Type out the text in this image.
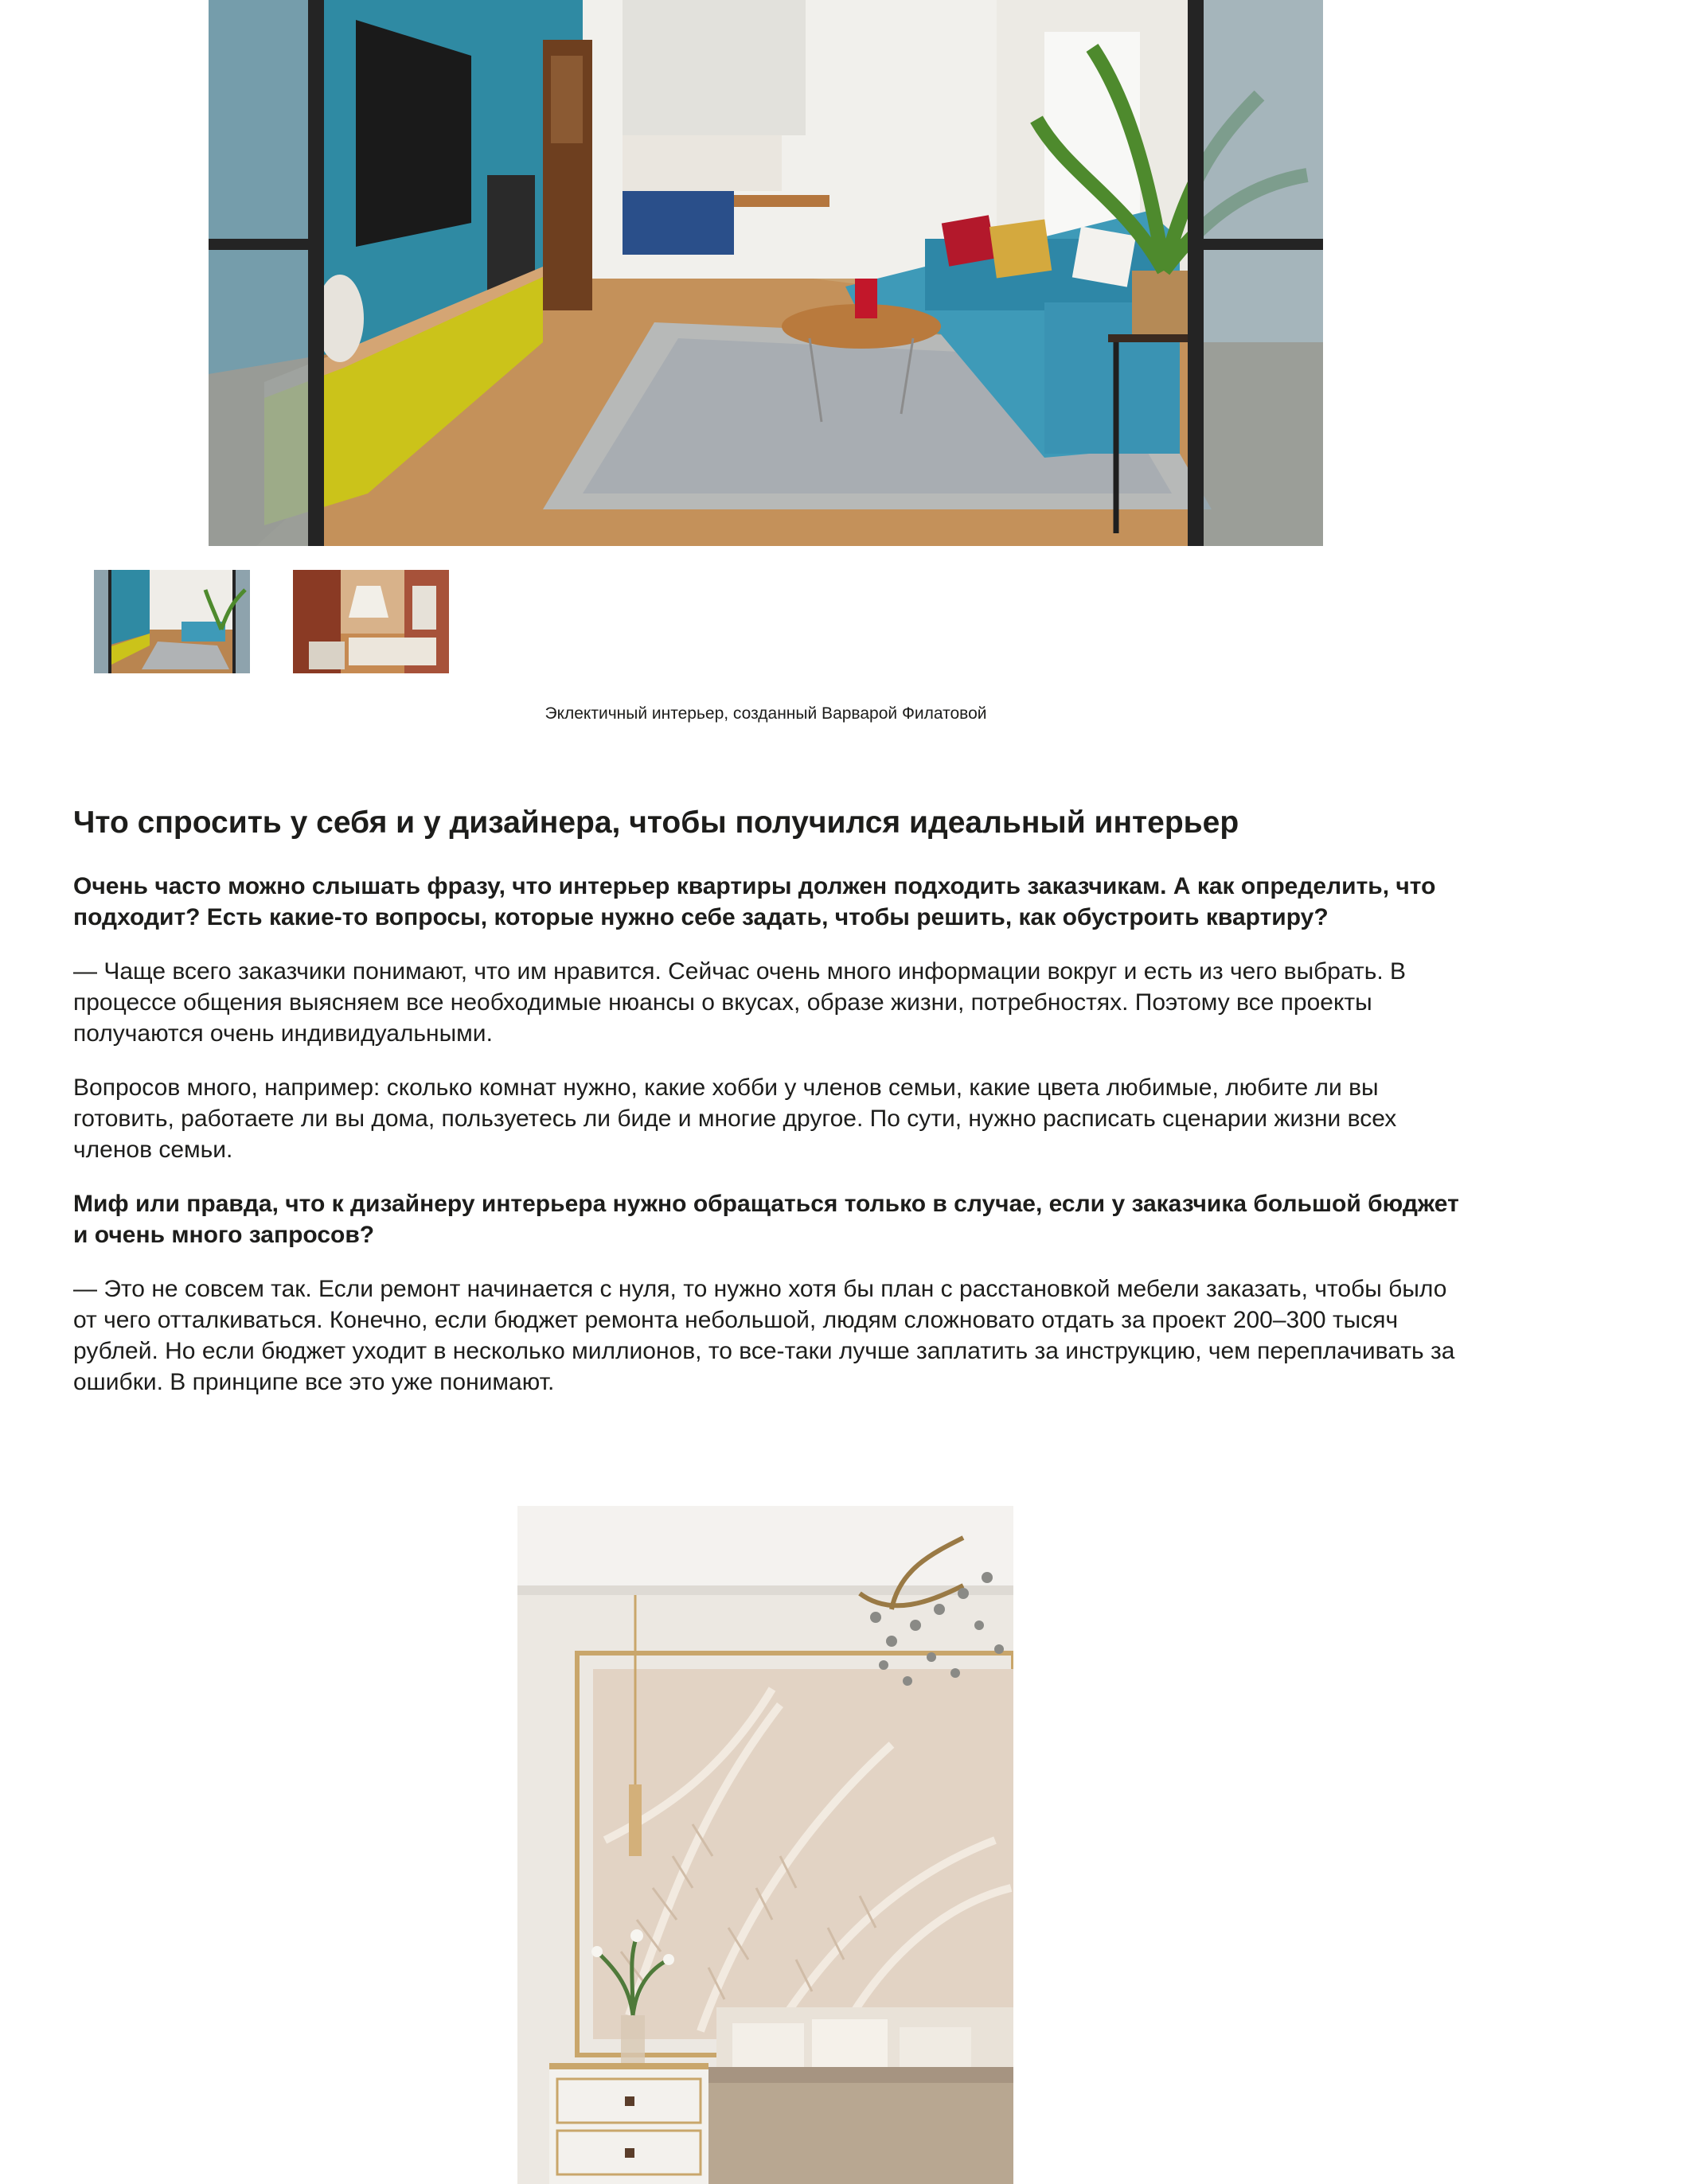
Эклектичный интерьер, созданный Варварой Филатовой
Что спросить у себя и у дизайнера, чтобы получился идеальный интерьер

Очень часто можно слышать фразу, что интерьер квартиры должен подходить заказчикам. А как определить, что подходит? Есть какие-то вопросы, которые нужно себе задать, чтобы решить, как обустроить квартиру?

— Чаще всего заказчики понимают, что им нравится. Сейчас очень много информации вокруг и есть из чего выбрать. В процессе общения выясняем все необходимые нюансы о вкусах, образе жизни, потребностях. Поэтому все проекты получаются очень индивидуальными.

Вопросов много, например: сколько комнат нужно, какие хобби у членов семьи, какие цвета любимые, любите ли вы готовить, работаете ли вы дома, пользуетесь ли биде и многие другое. По сути, нужно расписать сценарии жизни всех членов семьи.

Миф или правда, что к дизайнеру интерьера нужно обращаться только в случае, если у заказчика большой бюджет и очень много запросов?

— Это не совсем так. Если ремонт начинается с нуля, то нужно хотя бы план с расстановкой мебели заказать, чтобы было от чего отталкиваться. Конечно, если бюджет ремонта небольшой, людям сложновато отдать за проект 200–300 тысяч рублей. Но если бюджет уходит в несколько миллионов, то все-таки лучше заплатить за инструкцию, чем переплачивать за ошибки. В принципе все это уже понимают.
